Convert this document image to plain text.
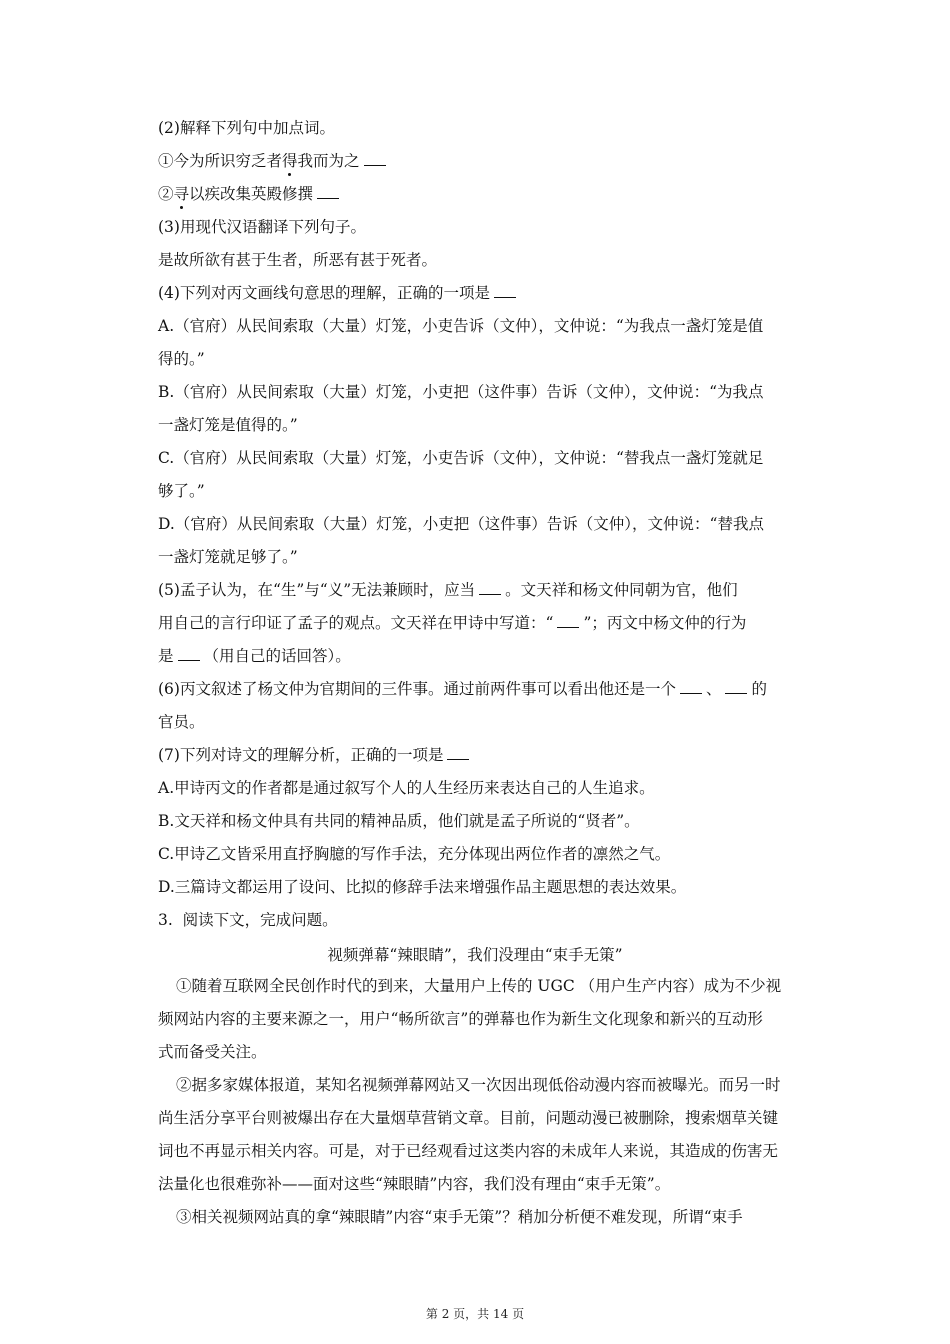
(2)解释下列句中加点词。
①今为所识穷乏者得我而为之
②寻以疾改集英殿修撰
(3)用现代汉语翻译下列句子。
是故所欲有甚于生者，所恶有甚于死者。
(4)下列对丙文画线句意思的理解，正确的一项是
A.（官府）从民间索取（大量）灯笼，小吏告诉（文仲），文仲说：“为我点一盏灯笼是值
得的。”
B.（官府）从民间索取（大量）灯笼，小吏把（这件事）告诉（文仲），文仲说：“为我点
一盏灯笼是值得的。”
C.（官府）从民间索取（大量）灯笼，小吏告诉（文仲），文仲说：“替我点一盏灯笼就足
够了。”
D.（官府）从民间索取（大量）灯笼，小吏把（这件事）告诉（文仲），文仲说：“替我点
一盏灯笼就足够了。”
(5)孟子认为，在“生”与“义”无法兼顾时，应当 。文天祥和杨文仲同朝为官，他们
用自己的言行印证了孟子的观点。文天祥在甲诗中写道：“ ”；丙文中杨文仲的行为
是 （用自己的话回答）。
(6)丙文叙述了杨文仲为官期间的三件事。通过前两件事可以看出他还是一个 、 的
官员。
(7)下列对诗文的理解分析，正确的一项是
A.甲诗丙文的作者都是通过叙写个人的人生经历来表达自己的人生追求。
B.文天祥和杨文仲具有共同的精神品质，他们就是孟子所说的“贤者”。
C.甲诗乙文皆采用直抒胸臆的写作手法，充分体现出两位作者的凛然之气。
D.三篇诗文都运用了设问、比拟的修辞手法来增强作品主题思想的表达效果。
3. 阅读下文，完成问题。
视频弹幕“辣眼睛”，我们没理由“束手无策”
①随着互联网全民创作时代的到来，大量用户上传的 UGC （用户生产内容）成为不少视
频网站内容的主要来源之一，用户“畅所欲言”的弹幕也作为新生文化现象和新兴的互动形
式而备受关注。
②据多家媒体报道，某知名视频弹幕网站又一次因出现低俗动漫内容而被曝光。而另一时
尚生活分享平台则被爆出存在大量烟草营销文章。目前，问题动漫已被删除，搜索烟草关键
词也不再显示相关内容。可是，对于已经观看过这类内容的未成年人来说，其造成的伤害无
法量化也很难弥补——面对这些“辣眼睛”内容，我们没有理由“束手无策”。
③相关视频网站真的拿“辣眼睛”内容“束手无策”？稍加分析便不难发现，所谓“束手
第 2 页，共 14 页
